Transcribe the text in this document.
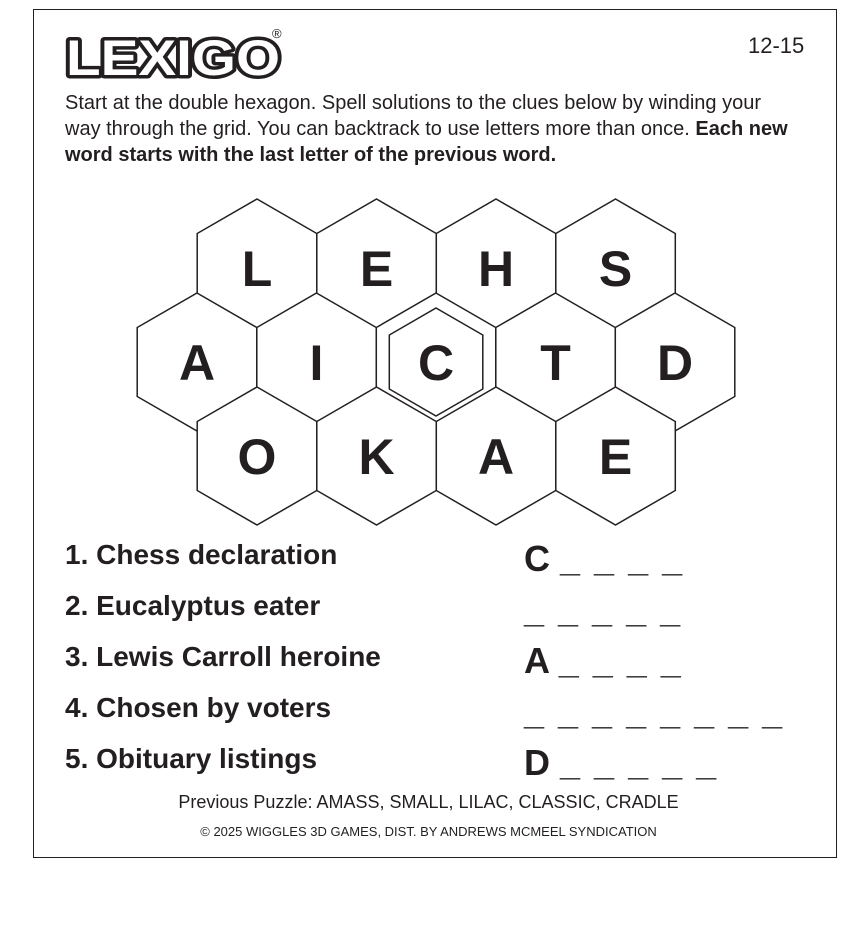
LEXIGO
®	12-15
Start at the double hexagon. Spell solutions to the clues below by winding your way through the grid. You can backtrack to use letters more than once. Each new word starts with the last letter of the previous word.
L E H S
A I C T D
O K A E
1. Chess declaration
2. Eucalyptus eater
3. Lewis Carroll heroine
4. Chosen by voters
5. Obituary listings
C _ _ _ _
_ _ _ _ _
A _ _ _ _
_ _ _ _ _ _ _ _
D _ _ _ _ _
Previous Puzzle: AMASS, SMALL, LILAC, CLASSIC, CRADLE
© 2025 WIGGLES 3D GAMES, DIST. BY ANDREWS MCMEEL SYNDICATION
